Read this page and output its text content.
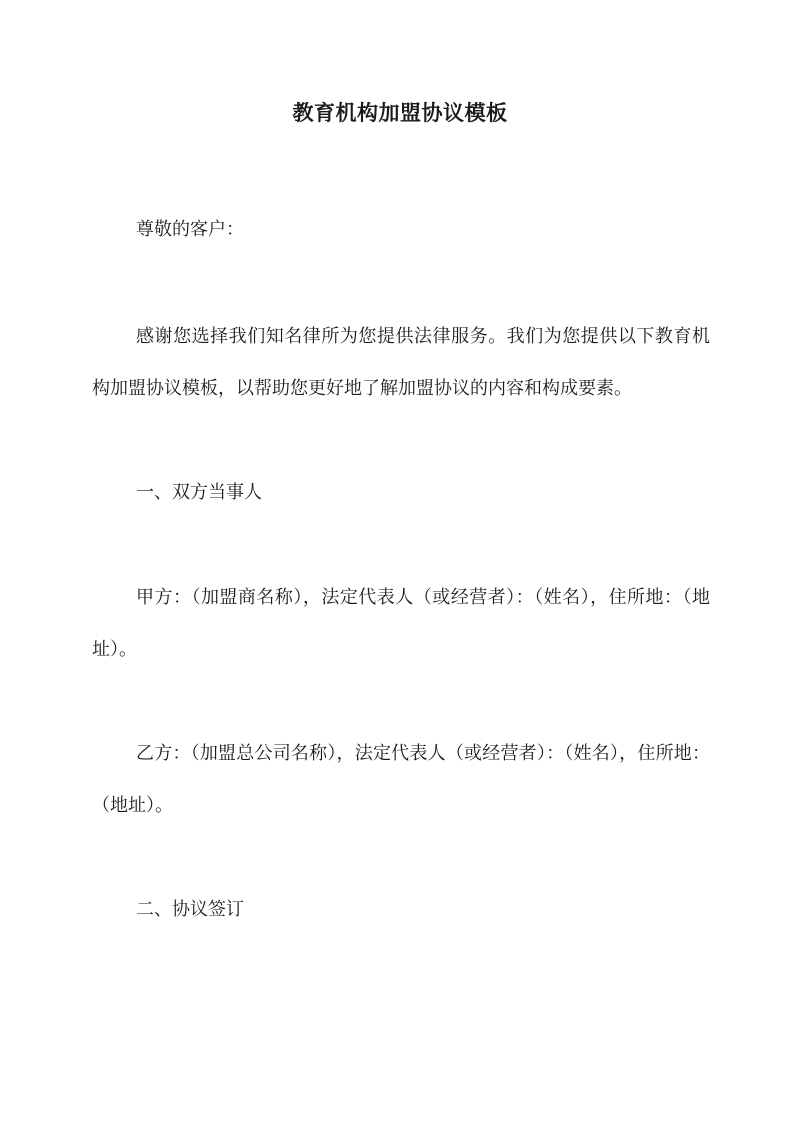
教育机构加盟协议模板

尊敬的客户：

感谢您选择我们知名律所为您提供法律服务。我们为您提供以下教育机构加盟协议模板，以帮助您更好地了解加盟协议的内容和构成要素。

一、双方当事人

甲方：（加盟商名称），法定代表人（或经营者）：（姓名），住所地：（地址）。

乙方：（加盟总公司名称），法定代表人（或经营者）：（姓名），住所地：（地址）。

二、协议签订
